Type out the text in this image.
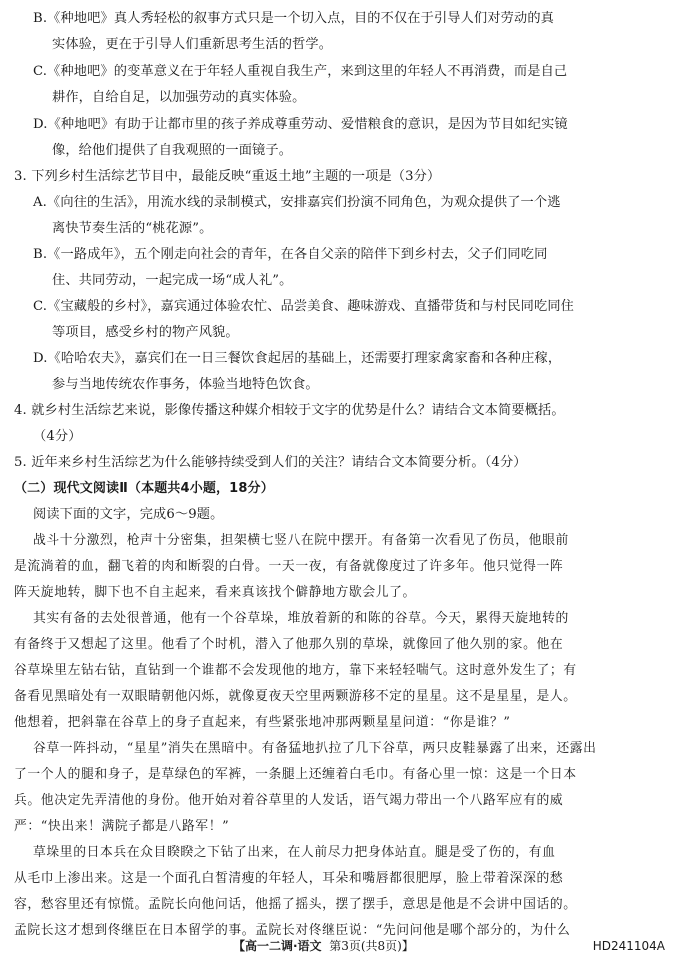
B.《种地吧》真人秀轻松的叙事方式只是一个切入点，目的不仅在于引导人们对劳动的真
实体验，更在于引导人们重新思考生活的哲学。
C.《种地吧》的变革意义在于年轻人重视自我生产，来到这里的年轻人不再消费，而是自己
耕作，自给自足，以加强劳动的真实体验。
D.《种地吧》有助于让都市里的孩子养成尊重劳动、爱惜粮食的意识，是因为节目如纪实镜
像，给他们提供了自我观照的一面镜子。
3. 下列乡村生活综艺节目中，最能反映“重返土地”主题的一项是（3分）
A.《向往的生活》，用流水线的录制模式，安排嘉宾们扮演不同角色，为观众提供了一个逃
离快节奏生活的“桃花源”。
B.《一路成年》，五个刚走向社会的青年，在各自父亲的陪伴下到乡村去，父子们同吃同
住、共同劳动，一起完成一场“成人礼”。
C.《宝藏般的乡村》，嘉宾通过体验农忙、品尝美食、趣味游戏、直播带货和与村民同吃同住
等项目，感受乡村的物产风貌。
D.《哈哈农夫》，嘉宾们在一日三餐饮食起居的基础上，还需要打理家禽家畜和各种庄稼，
参与当地传统农作事务，体验当地特色饮食。
4. 就乡村生活综艺来说，影像传播这种媒介相较于文字的优势是什么？请结合文本简要概括。
（4分）
5. 近年来乡村生活综艺为什么能够持续受到人们的关注？请结合文本简要分析。（4分）
（二）现代文阅读Ⅱ（本题共4小题，18分）
阅读下面的文字，完成6～9题。
战斗十分激烈，枪声十分密集，担架横七竖八在院中摆开。有备第一次看见了伤员，他眼前
是流淌着的血，翻飞着的肉和断裂的白骨。一天一夜，有备就像度过了许多年。他只觉得一阵
阵天旋地转，脚下也不自主起来，看来真该找个僻静地方歇会儿了。
其实有备的去处很普通，他有一个谷草垛，堆放着新的和陈的谷草。今天，累得天旋地转的
有备终于又想起了这里。他看了个时机，潜入了他那久别的草垛，就像回了他久别的家。他在
谷草垛里左钻右钻，直钻到一个谁都不会发现他的地方，靠下来轻轻喘气。这时意外发生了；有
备看见黑暗处有一双眼睛朝他闪烁，就像夏夜天空里两颗游移不定的星星。这不是星星，是人。
他想着，把斜靠在谷草上的身子直起来，有些紧张地冲那两颗星星问道：“你是谁？”
谷草一阵抖动，“星星”消失在黑暗中。有备猛地扒拉了几下谷草，两只皮鞋暴露了出来，还露出
了一个人的腿和身子，是草绿色的军裤，一条腿上还缠着白毛巾。有备心里一惊：这是一个日本
兵。他决定先弄清他的身份。他开始对着谷草里的人发话，语气竭力带出一个八路军应有的威
严：“快出来！满院子都是八路军！”
草垛里的日本兵在众目睽睽之下钻了出来，在人前尽力把身体站直。腿是受了伤的，有血
从毛巾上渗出来。这是一个面孔白皙清瘦的年轻人，耳朵和嘴唇都很肥厚，脸上带着深深的愁
容，愁容里还有惊慌。孟院长向他问话，他摇了摇头，摆了摆手，意思是他是不会讲中国话的。
孟院长这才想到佟继臣在日本留学的事。孟院长对佟继臣说：“先问问他是哪个部分的，为什么
【高一二调·语文 第3页(共8页)】	HD241104A
